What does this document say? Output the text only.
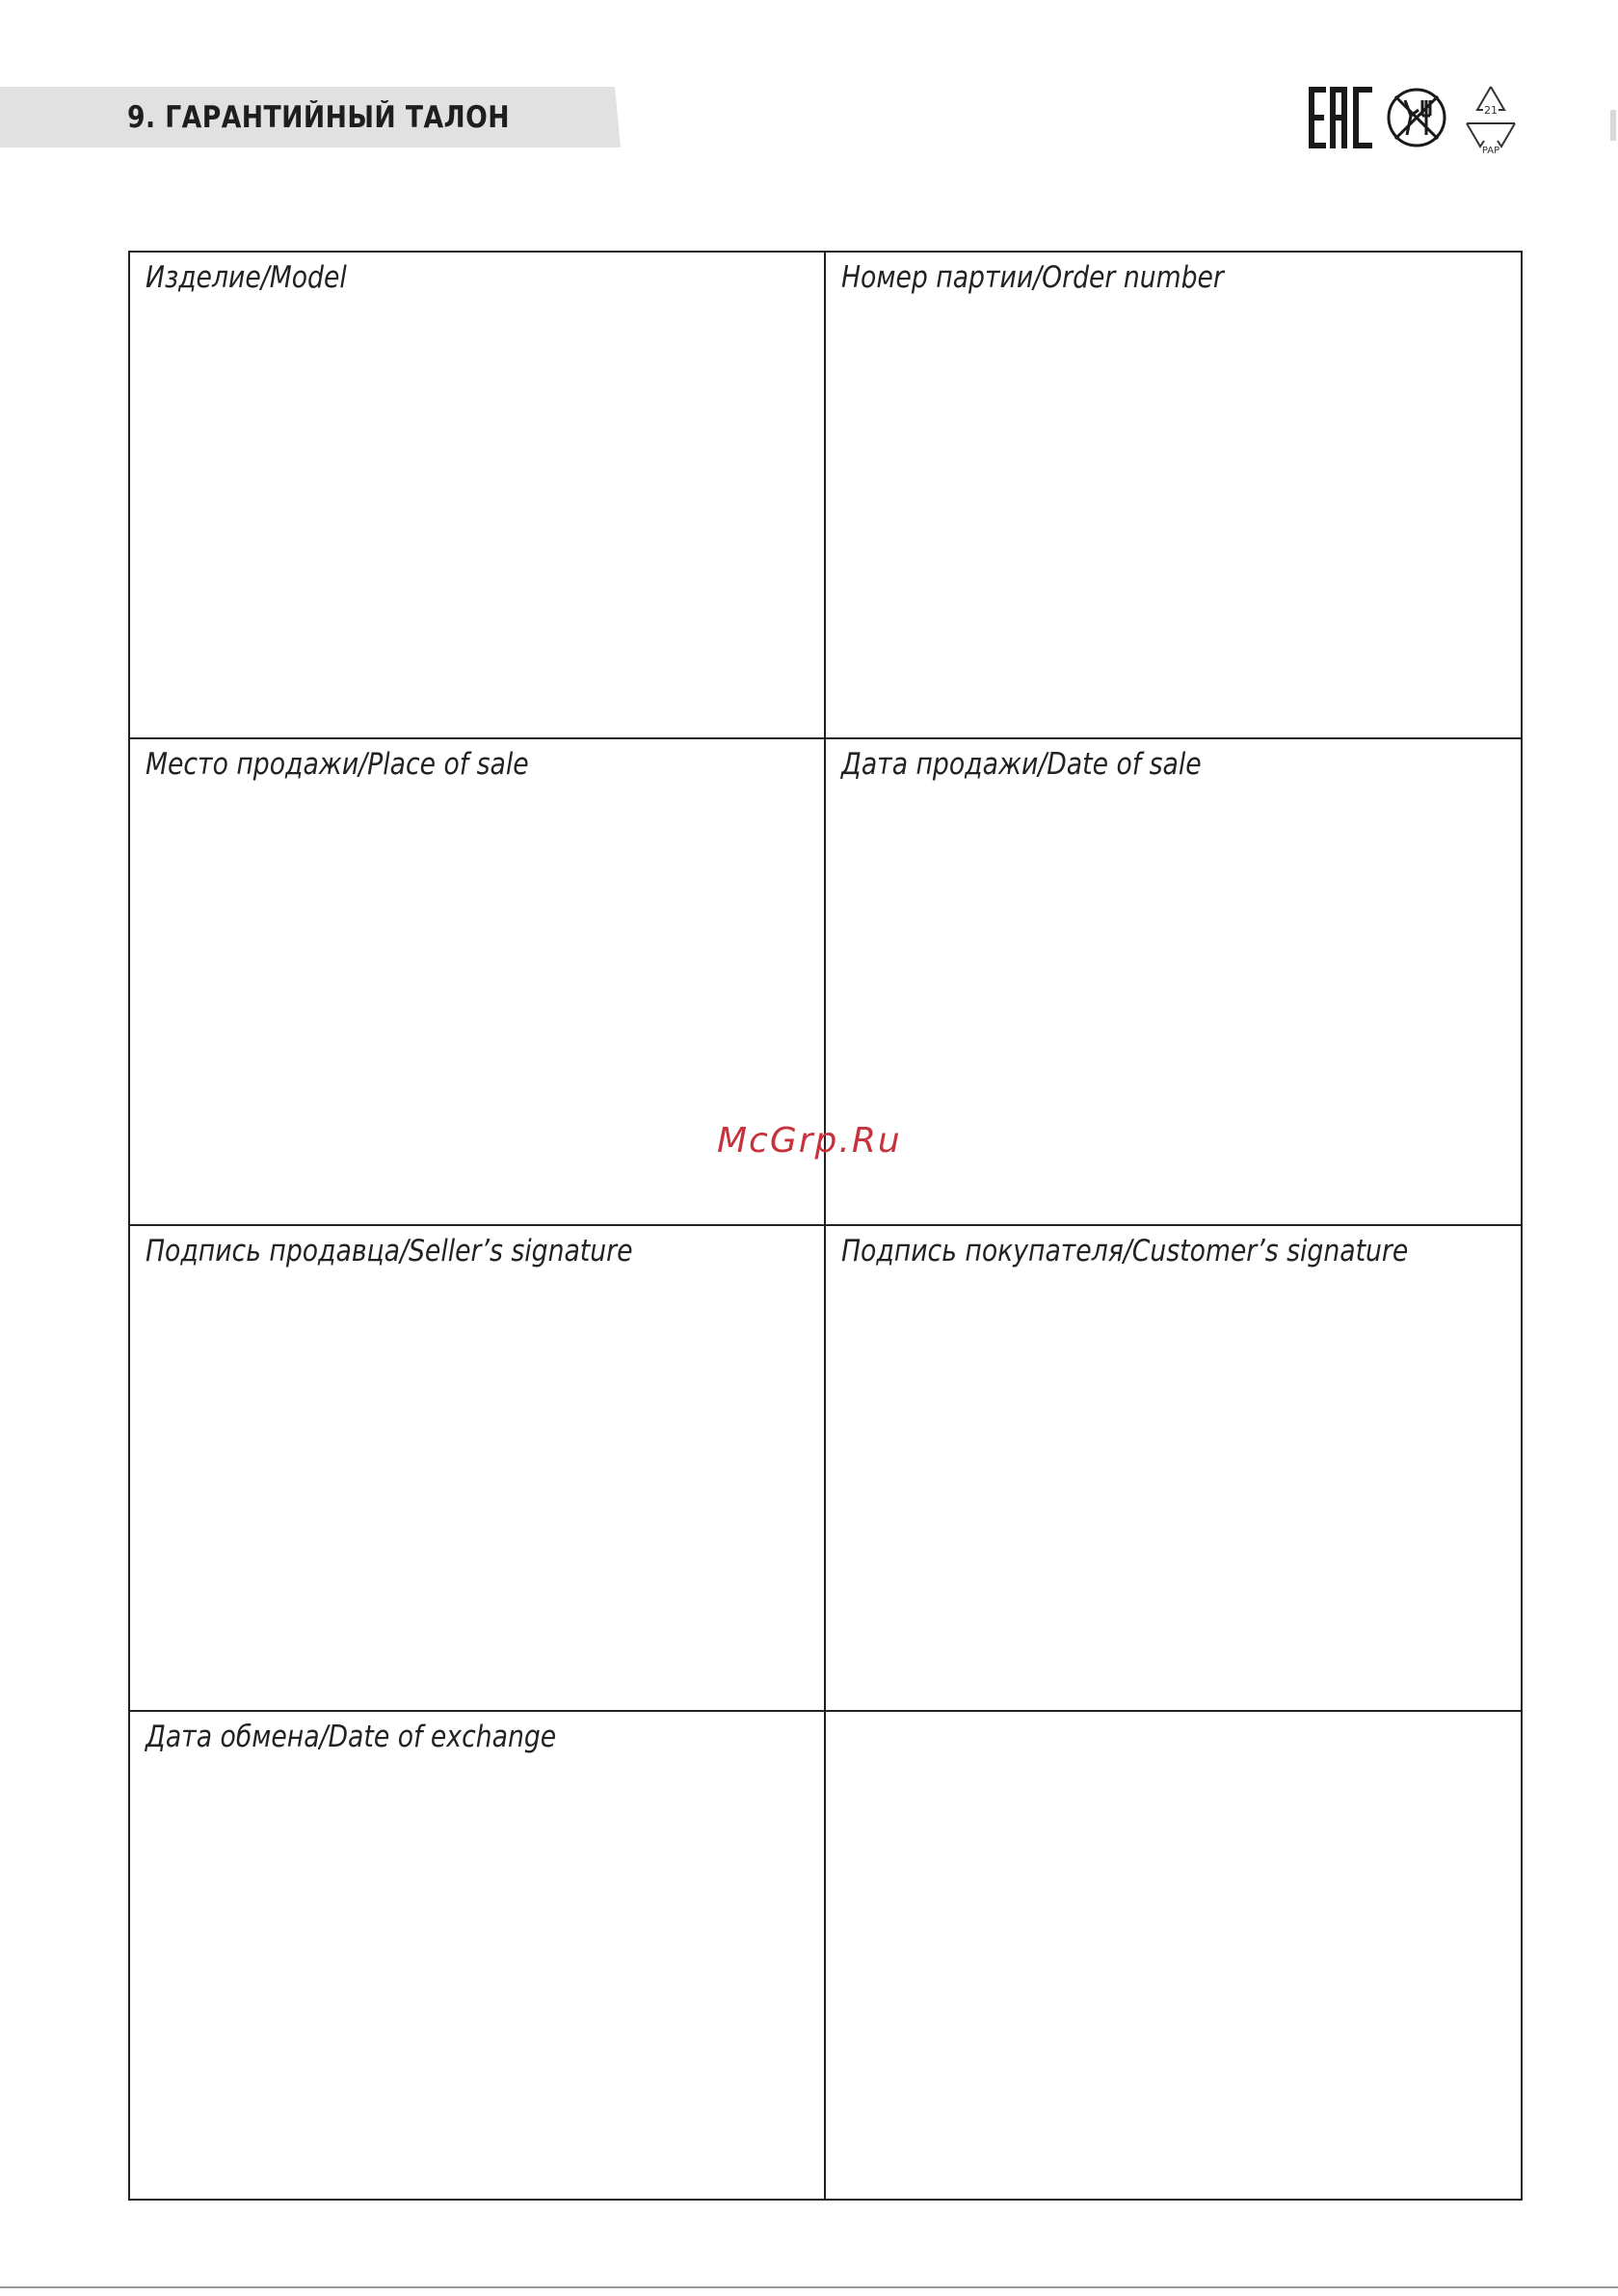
9. ГАРАНТИЙНЫЙ ТАЛОН	21
PAP
Изделие/Model	Номер партии/Order number
Место продажи/Place of sale	Дата продажи/Date of sale
Подпись продавца/Seller’s signature	Подпись покупателя/Customer’s signature
Дата обмена/Date of exchange
McGrp.Ru
